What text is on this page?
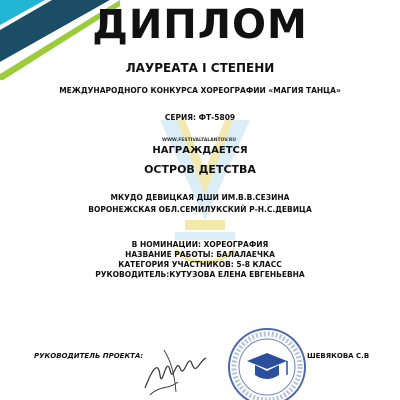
ДИПЛОМ
ЛАУРЕАТА I СТЕПЕНИ
МЕЖДУНАРОДНОГО КОНКУРСА ХОРЕОГРАФИИ «МАГИЯ ТАНЦА»
СЕРИЯ: ФТ-5809
WWW.FESTIVALTALANTOV.RU
НАГРАЖДАЕТСЯ
ОСТРОВ ДЕТСТВА
МКУДО ДЕВИЦКАЯ ДШИ ИМ.В.В.СЕЗИНА
ВОРОНЕЖСКАЯ ОБЛ.СЕМИЛУКСКИЙ Р-Н.С.ДЕВИЦА
В НОМИНАЦИИ: ХОРЕОГРАФИЯ
НАЗВАНИЕ РАБОТЫ: БАЛАЛАЕЧКА
КАТЕГОРИЯ УЧАСТНИКОВ: 5-8 КЛАСС
РУКОВОДИТЕЛЬ:КУТУЗОВА ЕЛЕНА ЕВГЕНЬЕВНА
РУКОВОДИТЕЛЬ ПРОЕКТА:	ШЕВЯКОВА С.В
